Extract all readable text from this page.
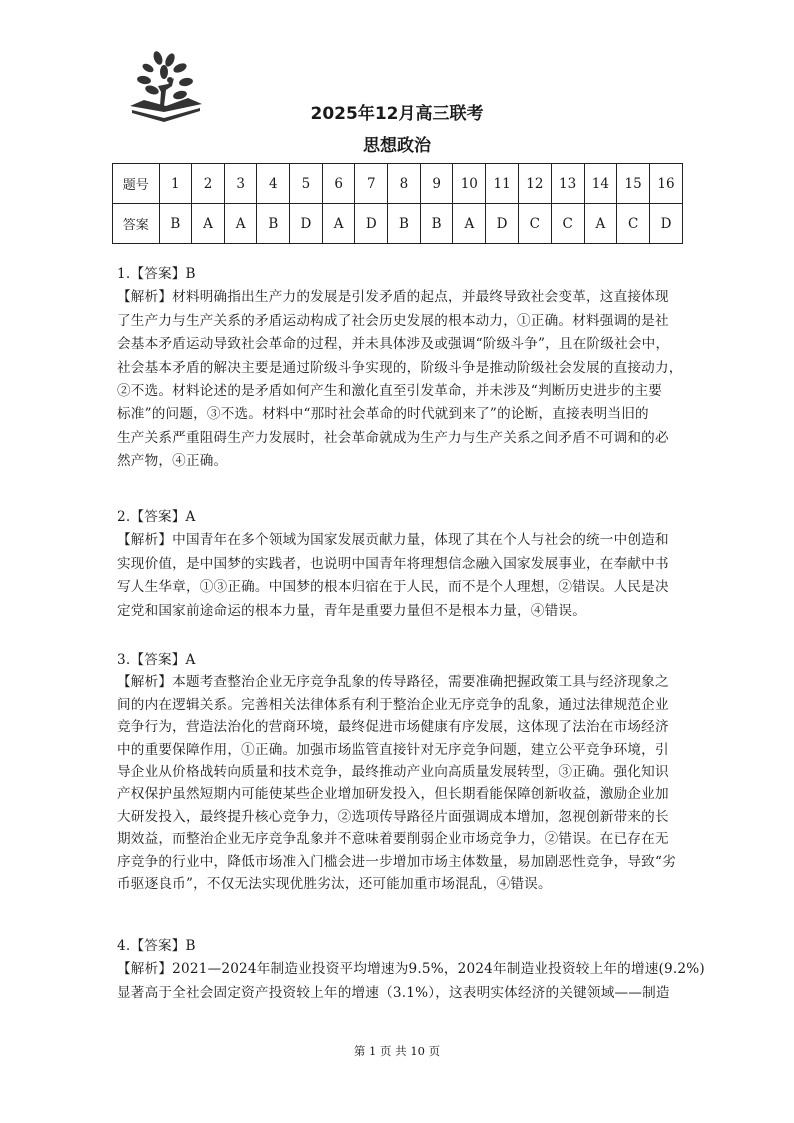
2025年12月高三联考
思想政治
题号	1	2	3	4	5	6	7	8	9	10	11	12	13	14	15	16
答案	B	A	A	B	D	A	D	B	B	A	D	C	C	A	C	D
1.【答案】B
【解析】材料明确指出生产力的发展是引发矛盾的起点，并最终导致社会变革，这直接体现
了生产力与生产关系的矛盾运动构成了社会历史发展的根本动力，①正确。材料强调的是社
会基本矛盾运动导致社会革命的过程，并未具体涉及或强调“阶级斗争”，且在阶级社会中，
社会基本矛盾的解决主要是通过阶级斗争实现的，阶级斗争是推动阶级社会发展的直接动力，
②不选。材料论述的是矛盾如何产生和激化直至引发革命，并未涉及“判断历史进步的主要
标准”的问题，③不选。材料中“那时社会革命的时代就到来了”的论断，直接表明当旧的
生产关系严重阻碍生产力发展时，社会革命就成为生产力与生产关系之间矛盾不可调和的必
然产物，④正确。
2.【答案】A
【解析】中国青年在多个领域为国家发展贡献力量，体现了其在个人与社会的统一中创造和
实现价值，是中国梦的实践者，也说明中国青年将理想信念融入国家发展事业，在奉献中书
写人生华章，①③正确。中国梦的根本归宿在于人民，而不是个人理想，②错误。人民是决
定党和国家前途命运的根本力量，青年是重要力量但不是根本力量，④错误。
3.【答案】A
【解析】本题考查整治企业无序竞争乱象的传导路径，需要准确把握政策工具与经济现象之
间的内在逻辑关系。完善相关法律体系有利于整治企业无序竞争的乱象，通过法律规范企业
竞争行为，营造法治化的营商环境，最终促进市场健康有序发展，这体现了法治在市场经济
中的重要保障作用，①正确。加强市场监管直接针对无序竞争问题，建立公平竞争环境，引
导企业从价格战转向质量和技术竞争，最终推动产业向高质量发展转型，③正确。强化知识
产权保护虽然短期内可能使某些企业增加研发投入，但长期看能保障创新收益，激励企业加
大研发投入，最终提升核心竞争力，②选项传导路径片面强调成本增加，忽视创新带来的长
期效益，而整治企业无序竞争乱象并不意味着要削弱企业市场竞争力，②错误。在已存在无
序竞争的行业中，降低市场准入门槛会进一步增加市场主体数量，易加剧恶性竞争，导致“劣
币驱逐良币”，不仅无法实现优胜劣汰，还可能加重市场混乱，④错误。
4.【答案】B
【解析】2021—2024年制造业投资平均增速为9.5%，2024年制造业投资较上年的增速(9.2%)
显著高于全社会固定资产投资较上年的增速（3.1%），这表明实体经济的关键领域——制造
第 1 页 共 10 页
